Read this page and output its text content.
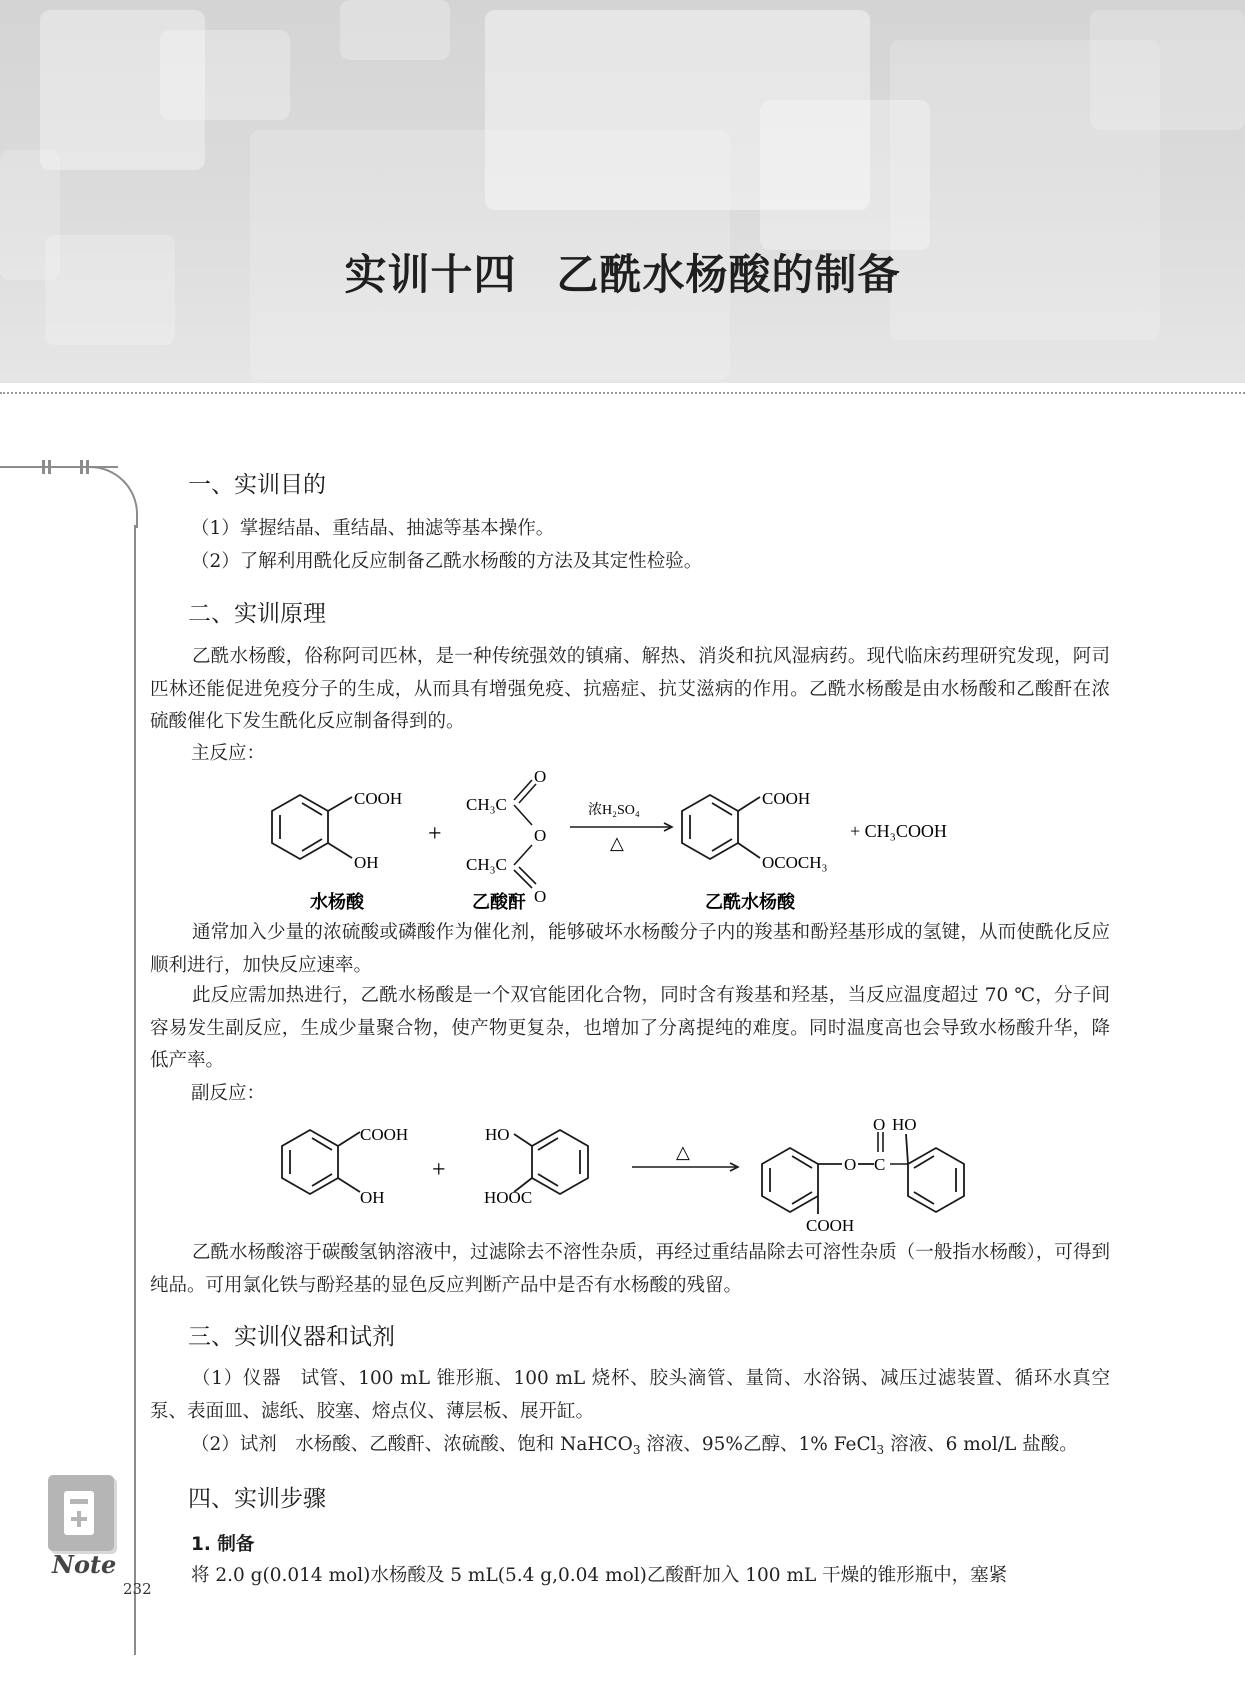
实训十四 乙酰水杨酸的制备
Note
232
一、实训目的
（1）掌握结晶、重结晶、抽滤等基本操作。
（2）了解利用酰化反应制备乙酰水杨酸的方法及其定性检验。
二、实训原理
乙酰水杨酸，俗称阿司匹林，是一种传统强效的镇痛、解热、消炎和抗风湿病药。现代临床药理研究发现，阿司匹林还能促进免疫分子的生成，从而具有增强免疫、抗癌症、抗艾滋病的作用。乙酰水杨酸是由水杨酸和乙酸酐在浓硫酸催化下发生酰化反应制备得到的。
主反应：
COOH
OH
+
CH₃C
CH₃C
O
O
O
浓H₂SO₄
△
COOH
OCOCH₃
+ CH₃COOH
水杨酸	乙酸酐	乙酰水杨酸
通常加入少量的浓硫酸或磷酸作为催化剂，能够破坏水杨酸分子内的羧基和酚羟基形成的氢键，从而使酰化反应顺利进行，加快反应速率。
此反应需加热进行，乙酰水杨酸是一个双官能团化合物，同时含有羧基和羟基，当反应温度超过 70 ℃，分子间容易发生副反应，生成少量聚合物，使产物更复杂，也增加了分离提纯的难度。同时温度高也会导致水杨酸升华，降低产率。
副反应：
COOH
OH
+
HO
HOOC
△
O C
O HO
COOH
乙酰水杨酸溶于碳酸氢钠溶液中，过滤除去不溶性杂质，再经过重结晶除去可溶性杂质（一般指水杨酸），可得到纯品。可用氯化铁与酚羟基的显色反应判断产品中是否有水杨酸的残留。
三、实训仪器和试剂
（1）仪器　试管、100 mL 锥形瓶、100 mL 烧杯、胶头滴管、量筒、水浴锅、减压过滤装置、循环水真空泵、表面皿、滤纸、胶塞、熔点仪、薄层板、展开缸。
（2）试剂　水杨酸、乙酸酐、浓硫酸、饱和 NaHCO$_3$ 溶液、95%乙醇、1% FeCl$_3$ 溶液、6 mol/L 盐酸。
四、实训步骤
1. 制备
将 2.0 g(0.014 mol)水杨酸及 5 mL(5.4 g,0.04 mol)乙酸酐加入 100 mL 干燥的锥形瓶中，塞紧
